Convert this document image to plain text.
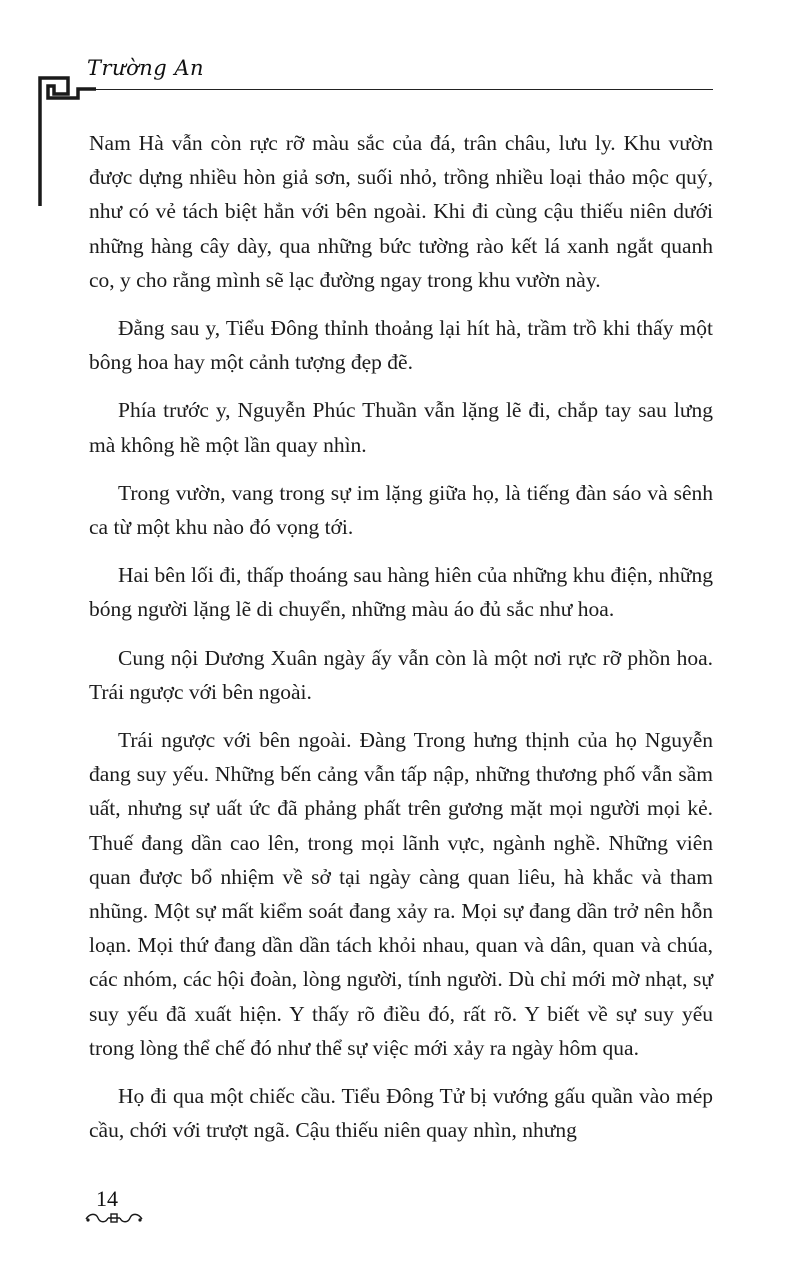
Trường An

Nam Hà vẫn còn rực rỡ màu sắc của đá, trân châu, lưu ly. Khu vườn được dựng nhiều hòn giả sơn, suối nhỏ, trồng nhiều loại thảo mộc quý, như có vẻ tách biệt hẳn với bên ngoài. Khi đi cùng cậu thiếu niên dưới những hàng cây dày, qua những bức tường rào kết lá xanh ngắt quanh co, y cho rằng mình sẽ lạc đường ngay trong khu vườn này.

Đằng sau y, Tiểu Đông thỉnh thoảng lại hít hà, trầm trồ khi thấy một bông hoa hay một cảnh tượng đẹp đẽ.

Phía trước y, Nguyễn Phúc Thuần vẫn lặng lẽ đi, chắp tay sau lưng mà không hề một lần quay nhìn.

Trong vườn, vang trong sự im lặng giữa họ, là tiếng đàn sáo và sênh ca từ một khu nào đó vọng tới.

Hai bên lối đi, thấp thoáng sau hàng hiên của những khu điện, những bóng người lặng lẽ di chuyển, những màu áo đủ sắc như hoa.

Cung nội Dương Xuân ngày ấy vẫn còn là một nơi rực rỡ phồn hoa. Trái ngược với bên ngoài.

Trái ngược với bên ngoài. Đàng Trong hưng thịnh của họ Nguyễn đang suy yếu. Những bến cảng vẫn tấp nập, những thương phố vẫn sầm uất, nhưng sự uất ức đã phảng phất trên gương mặt mọi người mọi kẻ. Thuế đang dần cao lên, trong mọi lãnh vực, ngành nghề. Những viên quan được bổ nhiệm về sở tại ngày càng quan liêu, hà khắc và tham nhũng. Một sự mất kiểm soát đang xảy ra. Mọi sự đang dần trở nên hỗn loạn. Mọi thứ đang dần dần tách khỏi nhau, quan và dân, quan và chúa, các nhóm, các hội đoàn, lòng người, tính người. Dù chỉ mới mờ nhạt, sự suy yếu đã xuất hiện. Y thấy rõ điều đó, rất rõ. Y biết về sự suy yếu trong lòng thể chế đó như thể sự việc mới xảy ra ngày hôm qua.

Họ đi qua một chiếc cầu. Tiểu Đông Tử bị vướng gấu quần vào mép cầu, chới với trượt ngã. Cậu thiếu niên quay nhìn, nhưng

14
